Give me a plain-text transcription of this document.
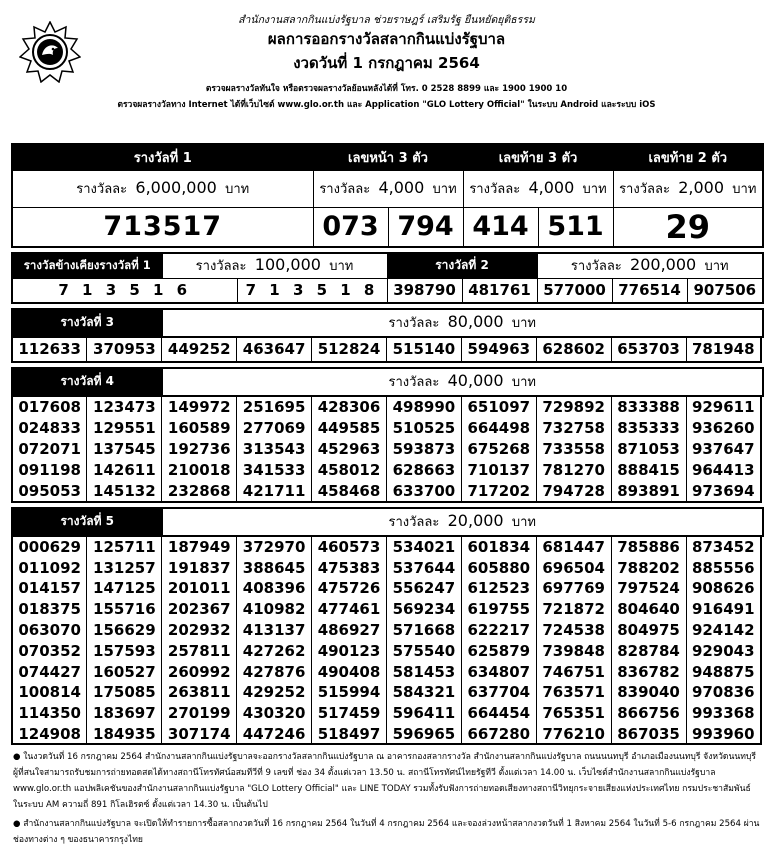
สำนักงานสลากกินแบ่งรัฐบาล ช่วยราษฎร์ เสริมรัฐ ยืนหยัดยุติธรรม
ผลการออกรางวัลสลากกินแบ่งรัฐบาล
งวดวันที่ 1 กรกฎาคม 2564
ตรวจผลรางวัลทันใจ หรือตรวจผลรางวัลย้อนหลังได้ที่ โทร. 0 2528 8899 และ 1900 1900 10
ตรวจผลรางวัลทาง Internet ได้ที่เว็บไซต์ www.glo.or.th และ Application "GLO Lottery Official" ในระบบ Android และระบบ iOS
รางวัลที่ 1	เลขหน้า 3 ตัว		เลขท้าย 3 ตัว		เลขท้าย 2 ตัว
รางวัลละ 6,000,000 บาท	รางวัลละ 4,000 บาท		รางวัลละ 4,000 บาท		รางวัลละ 2,000 บาท
713517	073	794	414	511	29
รางวัลข้างเคียงรางวัลที่ 1	รางวัลละ 100,000 บาท		รางวัลที่ 2		รางวัลละ 200,000 บาท		
7 1 3 5 1 6		7 1 3 5 1 8	398790	481761	577000	776514	907506
รางวัลที่ 3	รางวัลละ 80,000 บาท
112633	370953	449252	463647	512824	515140	594963	628602	653703	781948
รางวัลที่ 4	รางวัลละ 40,000 บาท
017608	123473	149972	251695	428306	498990	651097	729892	833388	929611
024833	129551	160589	277069	449585	510525	664498	732758	835333	936260
072071	137545	192736	313543	452963	593873	675268	733558	871053	937647
091198	142611	210018	341533	458012	628663	710137	781270	888415	964413
095053	145132	232868	421711	458468	633700	717202	794728	893891	973694
รางวัลที่ 5	รางวัลละ 20,000 บาท
000629	125711	187949	372970	460573	534021	601834	681447	785886	873452
011092	131257	191837	388645	475383	537644	605880	696504	788202	885556
014157	147125	201011	408396	475726	556247	612523	697769	797524	908626
018375	155716	202367	410982	477461	569234	619755	721872	804640	916491
063070	156629	202932	413137	486927	571668	622217	724538	804975	924142
070352	157593	257811	427262	490123	575540	625879	739848	828784	929043
074427	160527	260992	427876	490408	581453	634807	746751	836782	948875
100814	175085	263811	429252	515994	584321	637704	763571	839040	970836
114350	183697	270199	430320	517459	596411	664454	765351	866756	993368
124908	184935	307174	447246	518497	596965	667280	776210	867035	993960

● ในงวดวันที่ 16 กรกฎาคม 2564 สำนักงานสลากกินแบ่งรัฐบาลจะออกรางวัลสลากกินแบ่งรัฐบาล ณ อาคารกองสลากรางวัล สำนักงานสลากกินแบ่งรัฐบาล ถนนนนทบุรี อำเภอเมืองนนทบุรี จังหวัดนนทบุรี ผู้ที่สนใจสามารถรับชมการถ่ายทอดสดได้ทางสถานีโทรทัศน์อสมทีวีที่ 9 เลขที่ ช่อง 34 ตั้งแต่เวลา 13.50 น. สถานีโทรทัศน์ไทยรัฐทีวี ตั้งแต่เวลา 14.00 น. เว็บไซต์สำนักงานสลากกินแบ่งรัฐบาล www.glo.or.th แอปพลิเคชันของสำนักงานสลากกินแบ่งรัฐบาล "GLO Lottery Official" และ LINE TODAY รวมทั้งรับฟังการถ่ายทอดเสียงทางสถานีวิทยุกระจายเสียงแห่งประเทศไทย กรมประชาสัมพันธ์ ในระบบ AM ความถี่ 891 กิโลเฮิรตซ์ ตั้งแต่เวลา 14.30 น. เป็นต้นไป

● สำนักงานสลากกินแบ่งรัฐบาล จะเปิดให้ทำรายการซื้อสลากงวดวันที่ 16 กรกฎาคม 2564 ในวันที่ 4 กรกฎาคม 2564 และจองล่วงหน้าสลากงวดวันที่ 1 สิงหาคม 2564 ในวันที่ 5-6 กรกฎาคม 2564 ผ่านช่องทางต่าง ๆ ของธนาคารกรุงไทย
